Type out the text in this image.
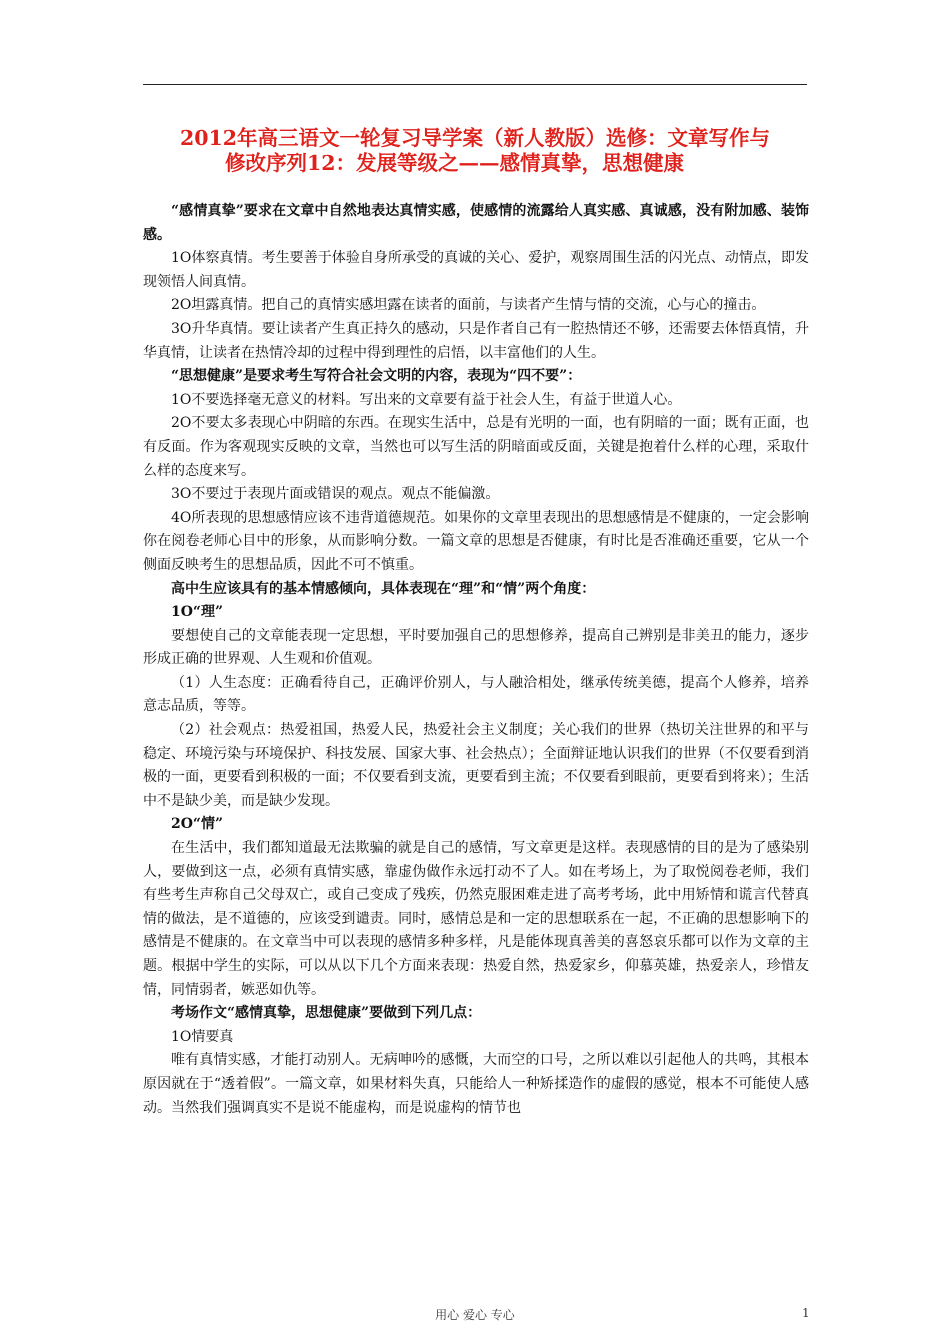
2012年高三语文一轮复习导学案（新人教版）选修：文章写作与
修改序列12：发展等级之——感情真挚，思想健康

“感情真挚”要求在文章中自然地表达真情实感，使感情的流露给人真实感、真诚感，没有附加感、装饰感。

1O体察真情。考生要善于体验自身所承受的真诚的关心、爱护，观察周围生活的闪光点、动情点，即发现领悟人间真情。

2O坦露真情。把自己的真情实感坦露在读者的面前，与读者产生情与情的交流，心与心的撞击。

3O升华真情。要让读者产生真正持久的感动，只是作者自己有一腔热情还不够，还需要去体悟真情，升华真情，让读者在热情冷却的过程中得到理性的启悟，以丰富他们的人生。

“思想健康”是要求考生写符合社会文明的内容，表现为“四不要”：

1O不要选择毫无意义的材料。写出来的文章要有益于社会人生，有益于世道人心。

2O不要太多表现心中阴暗的东西。在现实生活中，总是有光明的一面，也有阴暗的一面；既有正面，也有反面。作为客观现实反映的文章，当然也可以写生活的阴暗面或反面，关键是抱着什么样的心理，采取什么样的态度来写。

3O不要过于表现片面或错误的观点。观点不能偏激。

4O所表现的思想感情应该不违背道德规范。如果你的文章里表现出的思想感情是不健康的，一定会影响你在阅卷老师心目中的形象，从而影响分数。一篇文章的思想是否健康，有时比是否准确还重要，它从一个侧面反映考生的思想品质，因此不可不慎重。

高中生应该具有的基本情感倾向，具体表现在“理”和“情”两个角度：

1O“理”

要想使自己的文章能表现一定思想，平时要加强自己的思想修养，提高自己辨别是非美丑的能力，逐步形成正确的世界观、人生观和价值观。

（1）人生态度：正确看待自己，正确评价别人，与人融洽相处，继承传统美德，提高个人修养，培养意志品质，等等。

（2）社会观点：热爱祖国，热爱人民，热爱社会主义制度；关心我们的世界（热切关注世界的和平与稳定、环境污染与环境保护、科技发展、国家大事、社会热点）；全面辩证地认识我们的世界（不仅要看到消极的一面，更要看到积极的一面；不仅要看到支流，更要看到主流；不仅要看到眼前，更要看到将来）；生活中不是缺少美，而是缺少发现。

2O“情”

在生活中，我们都知道最无法欺骗的就是自己的感情，写文章更是这样。表现感情的目的是为了感染别人，要做到这一点，必须有真情实感，靠虚伪做作永远打动不了人。如在考场上，为了取悦阅卷老师，我们有些考生声称自己父母双亡，或自己变成了残疾，仍然克服困难走进了高考考场，此中用矫情和谎言代替真情的做法，是不道德的，应该受到谴责。同时，感情总是和一定的思想联系在一起，不正确的思想影响下的感情是不健康的。在文章当中可以表现的感情多种多样，凡是能体现真善美的喜怒哀乐都可以作为文章的主题。根据中学生的实际，可以从以下几个方面来表现：热爱自然，热爱家乡，仰慕英雄，热爱亲人，珍惜友情，同情弱者，嫉恶如仇等。

考场作文“感情真挚，思想健康”要做到下列几点：

1O情要真

唯有真情实感，才能打动别人。无病呻吟的感慨，大而空的口号，之所以难以引起他人的共鸣，其根本原因就在于“透着假”。一篇文章，如果材料失真，只能给人一种矫揉造作的虚假的感觉，根本不可能使人感动。当然我们强调真实不是说不能虚构，而是说虚构的情节也

用心 爱心 专心	1
